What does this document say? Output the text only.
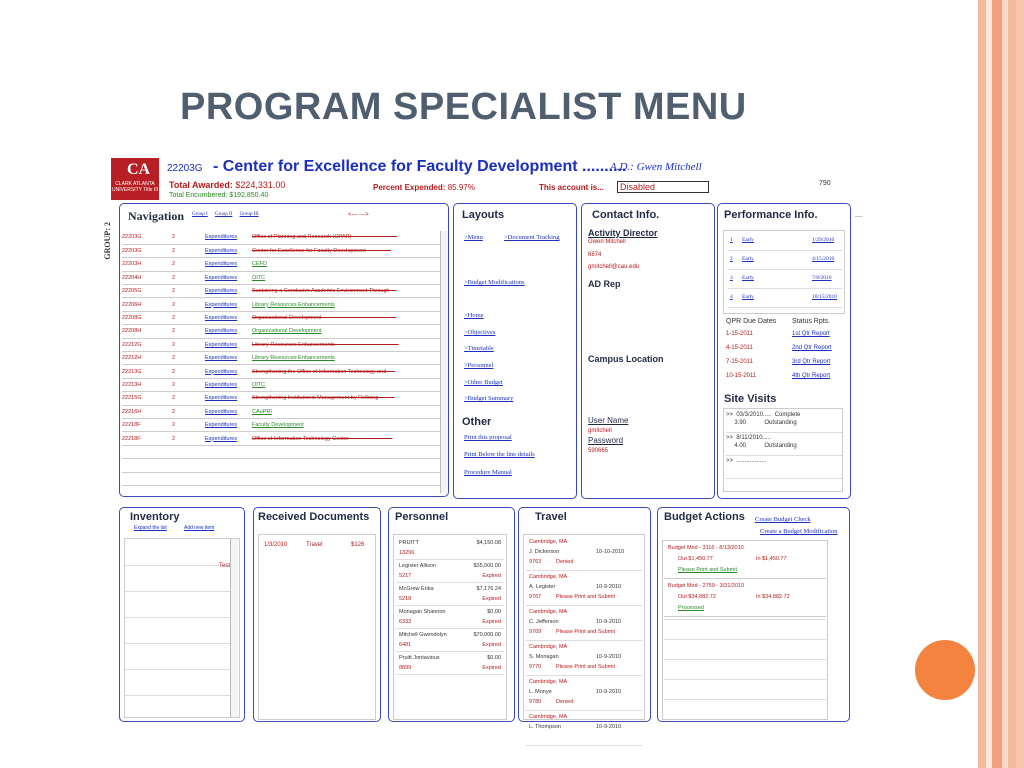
PROGRAM SPECIALIST MENU
CA
CLARK ATLANTA UNIVERSITY Title III
22203G - Center for Excellence for Faculty Development ..........
A.D.: Gwen Mitchell
Total Awarded: $224,331.00
Total Encumbered: $192,850.40
Percent Expended: 85.97%	This account is...	Disabled	790
GROUP: 2
Navigation Group I Group II Group III	<--- --->
22203G	2	Expenditures	Office of Planning and Research (OPAR) ------------------------
22203G	2	Expenditures	Center for Excellence for Faculty Development -------------
22203H	2	Expenditures	CEFD
22204H	2	Expenditures	OITC
22205G	2	Expenditures	Sustaining a Conducive Academic Environment Through ---
22206H	2	Expenditures	Library Resources Enhancements
22208G	2	Expenditures	Organizational Development ----------------------------------------
22208H	2	Expenditures	Organizational Development
22212G	2	Expenditures	Library Resources Enhancements ----------------------------------
22212H	2	Expenditures	Library Resources Enhancements
22213G	2	Expenditures	Strengthening the Office of Information Technology and ----
22213H	2	Expenditures	OITC
22215G	2	Expenditures	Strengthening Institutional Management by Refining --------
22216H	2	Expenditures	CAuPRI
22218F	2	Expenditures	Faculty Development
22218F	2	Expenditures	Office of Information Technology Center -----------------------

Layouts
>Menu	>Document Tracking
>Budget Modifications
>Home
>Objectives
>Timetable
>Personnel
>Other Budget
>Budget Summary
Other
Print this proposal
Print Below the line details
Procedure Manual
Contact Info.
Activity Director
Gwen Mitchell
6874
gmitchell@cau.edu
AD Rep
Campus Location
User Name
gmitchell
Password
590665
Performance Info.
1 Early	1/29/2010
2 Early	4/15/2010
3 Early	7/8/2010
4 Early	10/15/2010
QPR Due Dates Status Rpts.
Site Visits
>>  03/3/2010.....  Complete
3.90           Outstanding
>>  8/11/2010.....
4.00           Outstanding
>>  ..................
1-15-2011	1st Qtr Report
4-15-2011	2nd Qtr Report
7-15-2011	3rd Qtr Report
10-15-2011	4th Qtr Report
....
Inventory
Expand the list	Add new item
Test
Received Documents
1/3/2010	Travel	$126
Personnel
PRUITT	$4,150.08
13296
Legister Allison	$35,000.00
5217	Expired
McGrew Erika	$7,176.24
5218	Expired
Monagan Shannon	$0.00
6333	Expired
Mitchell Gwendolyn	$70,000.00
6481	Expired
Pruitt Jontavious	$0.00
8899	Expired
Travel
Cambridge, MA
J. Dickerson	10-10-2010
9763	Denied
Cambridge, MA
A. Legister	10-9-2010
9767	Please Print and Submit
Cambridge, MA
C. Jefferson	10-9-2010
9769	Please Print and Submit
Cambridge, MA
S. Monagan	10-9-2010
9770	Please Print and Submit
Cambridge, MA
L. Monye	10-9-2010
9780	Denied
Cambridge, MA
L. Thompson	10-9-2010
Budget Actions Create Budget Check
Create a Budget Modification
Budget Mod - 3116 - 8/13/2010
Out $1,450.77	In $1,450.77
Please Print and Submit
Budget Mod - 2759 - 3/31/2010
Out $34,882.72	In $34,882.72
Processed
